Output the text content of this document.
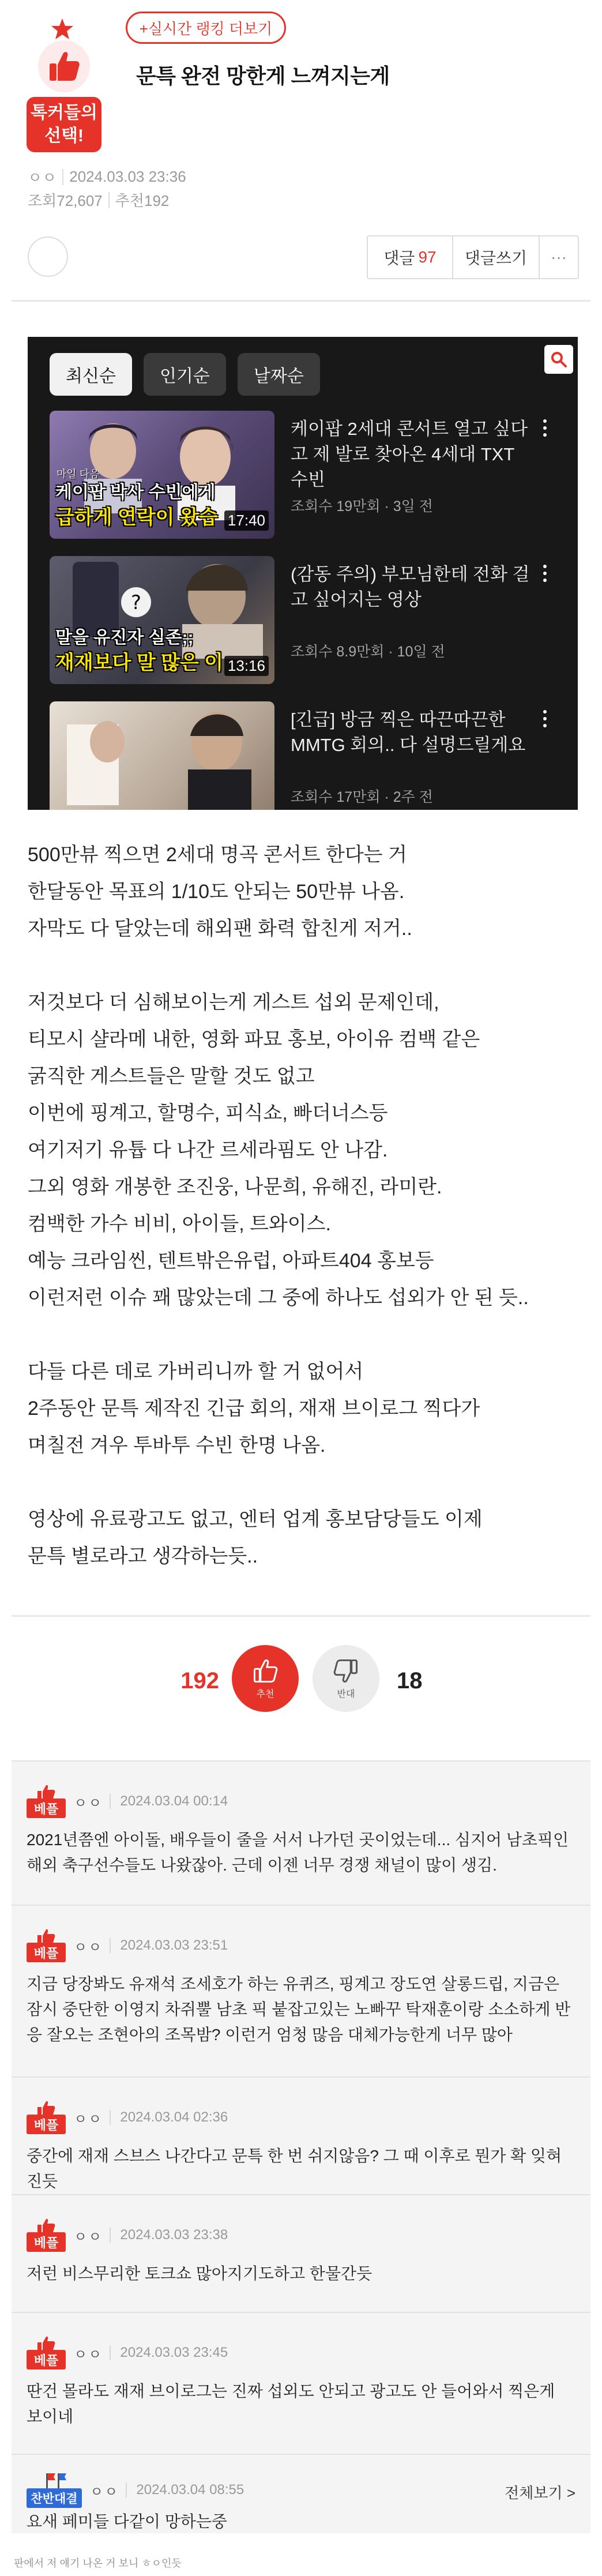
톡커들의
선택!
+실시간 랭킹 더보기
문특 완전 망한게 느껴지는게
ㅇㅇ 2024.03.03 23:36
조회72,607 추천192
댓글 97	댓글쓰기	···
최신순	인기순	날짜순
마일 다음
케이팝 박사 수빈에게
급하게 연락이 왔습 17:40
케이팝 2세대 콘서트 열고 싶다고 제 발로 찾아온 4세대 TXT 수빈
조회수 19만회 · 3일 전
?
말을 유진자 실존;;
재재보다 말 많은 이 13:16
(감동 주의) 부모님한테 전화 걸고 싶어지는 영상
조회수 8.9만회 · 10일 전
[긴급] 방금 찍은 따끈따끈한 MMTG 회의.. 다 설명드릴게요
조회수 17만회 · 2주 전
500만뷰 찍으면 2세대 명곡 콘서트 한다는 거
한달동안 목표의 1/10도 안되는 50만뷰 나옴.
자막도 다 달았는데 해외팬 화력 합친게 저거..
저것보다 더 심해보이는게 게스트 섭외 문제인데,
티모시 샬라메 내한, 영화 파묘 홍보, 아이유 컴백 같은
굵직한 게스트들은 말할 것도 없고
이번에 핑계고, 할명수, 피식쇼, 빠더너스등
여기저기 유튭 다 나간 르세라핌도 안 나감.
그외 영화 개봉한 조진웅, 나문희, 유해진, 라미란.
컴백한 가수 비비, 아이들, 트와이스.
예능 크라임씬, 텐트밖은유럽, 아파트404 홍보등
이런저런 이슈 꽤 많았는데 그 중에 하나도 섭외가 안 된 듯..
다들 다른 데로 가버리니까 할 거 없어서
2주동안 문특 제작진 긴급 회의, 재재 브이로그 찍다가
며칠전 겨우 투바투 수빈 한명 나옴.
영상에 유료광고도 없고, 엔터 업계 홍보담당들도 이제
문특 별로라고 생각하는듯..
192
추천	반대
18
베플	ㅇㅇ 2024.03.04 00:14
2021년쯤엔 아이돌, 배우들이 줄을 서서 나가던 곳이었는데... 심지어 남초픽인 해외 축구선수들도 나왔잖아. 근데 이젠 너무 경쟁 채널이 많이 생김.
베플	ㅇㅇ 2024.03.03 23:51
지금 당장봐도 유재석 조세호가 하는 유퀴즈, 핑계고 장도연 살롱드립, 지금은 잠시 중단한 이영지 차쥐뿔 남초 픽 붙잡고있는 노빠꾸 탁재훈이랑 소소하게 반응 잘오는 조현아의 조목밤? 이런거 엄청 많음 대체가능한게 너무 많아
베플	ㅇㅇ 2024.03.04 02:36
중간에 재재 스브스 나간다고 문특 한 번 쉬지않음? 그 때 이후로 뭔가 확 잊혀진듯
베플	ㅇㅇ 2024.03.03 23:38
저런 비스무리한 토크쇼 많아지기도하고 한물간듯
베플	ㅇㅇ 2024.03.03 23:45
딴건 몰라도 재재 브이로그는 진짜 섭외도 안되고 광고도 안 들어와서 찍은게 보이네
찬반대결 ㅇㅇ 2024.03.04 08:55	전체보기 >
요새 페미들 다같이 망하는중
판에서 저 얘기 나온 거 보니 ㅎㅇ인듯
